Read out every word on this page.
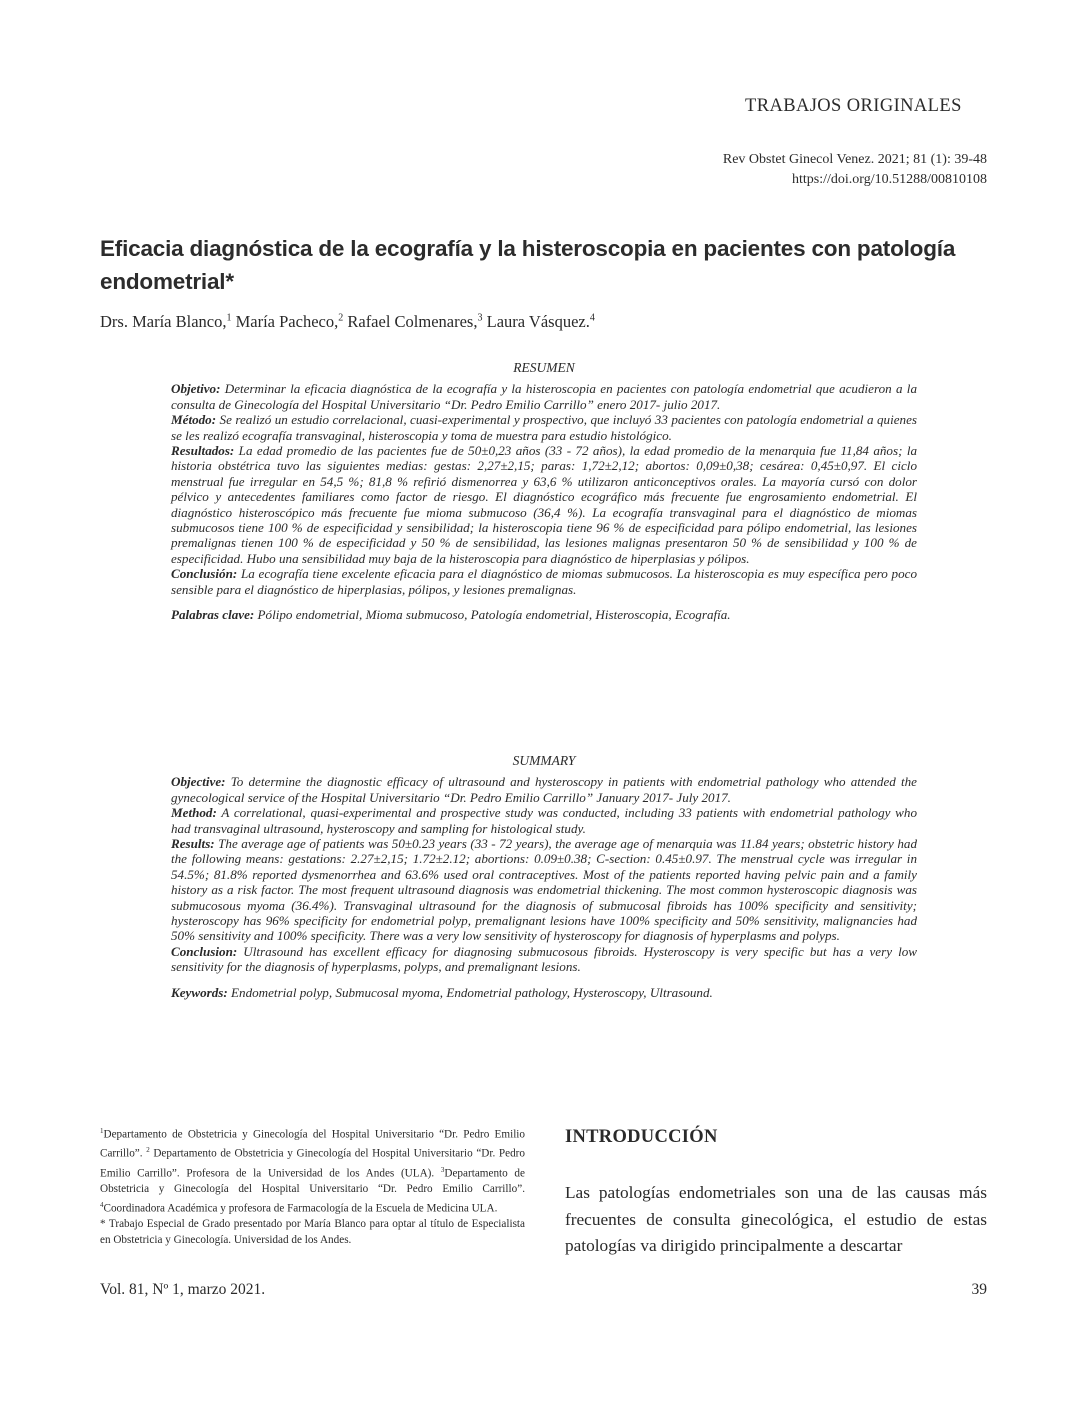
TRABAJOS ORIGINALES
Rev Obstet Ginecol Venez. 2021; 81 (1): 39-48
https://doi.org/10.51288/00810108
Eficacia diagnóstica de la ecografía y la histeroscopia en pacientes con patología endometrial*
Drs. María Blanco,$^1$ María Pacheco,$^2$ Rafael Colmenares,$^3$ Laura Vásquez.$^4$
RESUMEN

Objetivo: Determinar la eficacia diagnóstica de la ecografía y la histeroscopia en pacientes con patología endometrial que acudieron a la consulta de Ginecología del Hospital Universitario “Dr. Pedro Emilio Carrillo” enero 2017- julio 2017.

Método: Se realizó un estudio correlacional, cuasi-experimental y prospectivo, que incluyó 33 pacientes con patología endometrial a quienes se les realizó ecografía transvaginal, histeroscopia y toma de muestra para estudio histológico.

Resultados: La edad promedio de las pacientes fue de 50±0,23 años (33 - 72 años), la edad promedio de la menarquia fue 11,84 años; la historia obstétrica tuvo las siguientes medias: gestas: 2,27±2,15; paras: 1,72±2,12; abortos: 0,09±0,38; cesárea: 0,45±0,97. El ciclo menstrual fue irregular en 54,5 %; 81,8 % refirió dismenorrea y 63,6 % utilizaron anticonceptivos orales. La mayoría cursó con dolor pélvico y antecedentes familiares como factor de riesgo. El diagnóstico ecográfico más frecuente fue engrosamiento endometrial. El diagnóstico histeroscópico más frecuente fue mioma submucoso (36,4 %). La ecografía transvaginal para el diagnóstico de miomas submucosos tiene 100 % de especificidad y sensibilidad; la histeroscopia tiene 96 % de especificidad para pólipo endometrial, las lesiones premalignas tienen 100 % de especificidad y 50 % de sensibilidad, las lesiones malignas presentaron 50 % de sensibilidad y 100 % de especificidad. Hubo una sensibilidad muy baja de la histeroscopia para diagnóstico de hiperplasias y pólipos.

Conclusión: La ecografía tiene excelente eficacia para el diagnóstico de miomas submucosos. La histeroscopia es muy específica pero poco sensible para el diagnóstico de hiperplasias, pólipos, y lesiones premalignas.

Palabras clave: Pólipo endometrial, Mioma submucoso, Patología endometrial, Histeroscopia, Ecografía.

SUMMARY

Objective: To determine the diagnostic efficacy of ultrasound and hysteroscopy in patients with endometrial pathology who attended the gynecological service of the Hospital Universitario “Dr. Pedro Emilio Carrillo” January 2017- July 2017.

Method: A correlational, quasi-experimental and prospective study was conducted, including 33 patients with endometrial pathology who had transvaginal ultrasound, hysteroscopy and sampling for histological study.

Results: The average age of patients was 50±0.23 years (33 - 72 years), the average age of menarquia was 11.84 years; obstetric history had the following means: gestations: 2.27±2,15; 1.72±2.12; abortions: 0.09±0.38; C-section: 0.45±0.97. The menstrual cycle was irregular in 54.5%; 81.8% reported dysmenorrhea and 63.6% used oral contraceptives. Most of the patients reported having pelvic pain and a family history as a risk factor. The most frequent ultrasound diagnosis was endometrial thickening. The most common hysteroscopic diagnosis was submucosous myoma (36.4%). Transvaginal ultrasound for the diagnosis of submucosal fibroids has 100% specificity and sensitivity; hysteroscopy has 96% specificity for endometrial polyp, premalignant lesions have 100% specificity and 50% sensitivity, malignancies had 50% sensitivity and 100% specificity. There was a very low sensitivity of hysteroscopy for diagnosis of hyperplasms and polyps.

Conclusion: Ultrasound has excellent efficacy for diagnosing submucosous fibroids. Hysteroscopy is very specific but has a very low sensitivity for the diagnosis of hyperplasms, polyps, and premalignant lesions.

Keywords: Endometrial polyp, Submucosal myoma, Endometrial pathology, Hysteroscopy, Ultrasound.

$^1$Departamento de Obstetricia y Ginecología del Hospital Universitario “Dr. Pedro Emilio Carrillo”. $^2$ Departamento de Obstetricia y Ginecología del Hospital Universitario “Dr. Pedro Emilio Carrillo”. Profesora de la Universidad de los Andes (ULA). $^3$Departamento de Obstetricia y Ginecología del Hospital Universitario “Dr. Pedro Emilio Carrillo”. $^4$Coordinadora Académica y profesora de Farmacología de la Escuela de Medicina ULA.

* Trabajo Especial de Grado presentado por María Blanco para optar al título de Especialista en Obstetricia y Ginecología. Universidad de los Andes.

INTRODUCCIÓN
Las patologías endometriales son una de las causas más frecuentes de consulta ginecológica, el estudio de estas patologías va dirigido principalmente a descartar
Vol. 81, Nº 1, marzo 2021.	39
